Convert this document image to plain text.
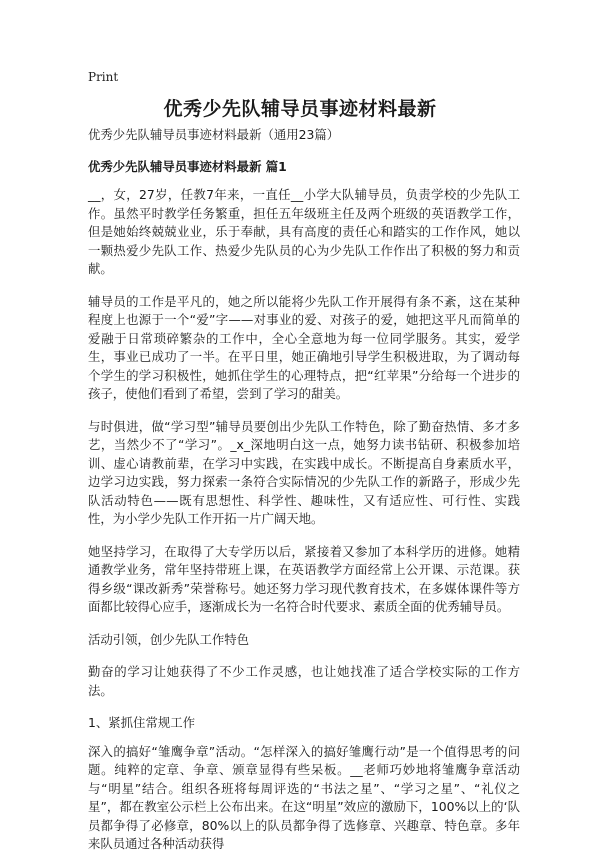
Print
优秀少先队辅导员事迹材料最新

优秀少先队辅导员事迹材料最新（通用23篇）

优秀少先队辅导员事迹材料最新 篇1

__，女，27岁，任教7年来，一直任__小学大队辅导员，负责学校的少先队工作。虽然平时教学任务繁重，担任五年级班主任及两个班级的英语教学工作，但是她始终兢兢业业，乐于奉献，具有高度的责任心和踏实的工作作风，她以一颗热爱少先队工作、热爱少先队员的心为少先队工作作出了积极的努力和贡献。

辅导员的工作是平凡的，她之所以能将少先队工作开展得有条不紊，这在某种程度上也源于一个“爱”字——对事业的爱、对孩子的爱，她把这平凡而简单的爱融于日常琐碎繁杂的工作中，全心全意地为每一位同学服务。其实，爱学生，事业已成功了一半。在平日里，她正确地引导学生积极进取，为了调动每个学生的学习积极性，她抓住学生的心理特点，把“红苹果”分给每一个进步的孩子，使他们看到了希望，尝到了学习的甜美。

与时俱进，做“学习型”辅导员要创出少先队工作特色，除了勤奋热情、多才多艺，当然少不了“学习”。_x_深地明白这一点，她努力读书钻研、积极参加培训、虚心请教前辈，在学习中实践，在实践中成长。不断提高自身素质水平，边学习边实践，努力探索一条符合实际情况的少先队工作的新路子，形成少先队活动特色——既有思想性、科学性、趣味性，又有适应性、可行性、实践性，为小学少先队工作开拓一片广阔天地。

她坚持学习，在取得了大专学历以后，紧接着又参加了本科学历的进修。她精通教学业务，常年坚持带班上课，在英语教学方面经常上公开课、示范课。获得乡级“课改新秀”荣誉称号。她还努力学习现代教育技术，在多媒体课件等方面都比较得心应手，逐渐成长为一名符合时代要求、素质全面的优秀辅导员。

活动引领，创少先队工作特色

勤奋的学习让她获得了不少工作灵感，也让她找准了适合学校实际的工作方法。

1、紧抓住常规工作

深入的搞好“雏鹰争章”活动。“怎样深入的搞好雏鹰行动”是一个值得思考的问题。纯粹的定章、争章、颁章显得有些呆板。__老师巧妙地将雏鹰争章活动与“明星”结合。组织各班将每周评选的“书法之星”、“学习之星”、“礼仪之星”，都在教室公示栏上公布出来。在这“明星”效应的激励下，100%以上的‘队员都争得了必修章，80%以上的队员都争得了选修章、兴趣章、特色章。多年来队员通过各种活动获得
